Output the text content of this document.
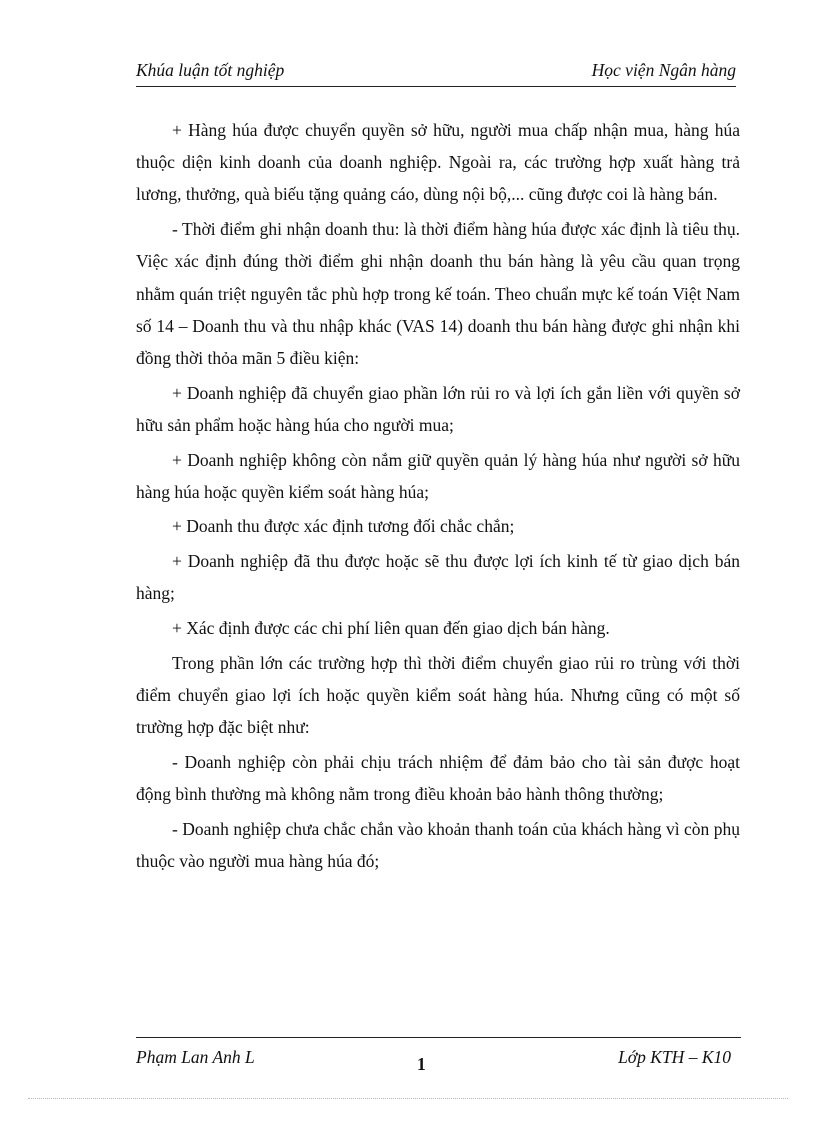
Khúa luận tốt nghiệp	Học viện Ngân hàng

+ Hàng húa được chuyển quyền sở hữu, người mua chấp nhận mua, hàng húa thuộc diện kinh doanh của doanh nghiệp. Ngoài ra, các trường hợp xuất hàng trả lương, thưởng, quà biếu tặng quảng cáo, dùng nội bộ,... cũng được coi là hàng bán.

- Thời điểm ghi nhận doanh thu: là thời điểm hàng húa được xác định là tiêu thụ. Việc xác định đúng thời điểm ghi nhận doanh thu bán hàng là yêu cầu quan trọng nhằm quán triệt nguyên tắc phù hợp trong kế toán. Theo chuẩn mực kế toán Việt Nam số 14 – Doanh thu và thu nhập khác (VAS 14) doanh thu bán hàng được ghi nhận khi đồng thời thỏa mãn 5 điều kiện:

+ Doanh nghiệp đã chuyển giao phần lớn rủi ro và lợi ích gắn liền với quyền sở hữu sản phẩm hoặc hàng húa cho người mua;

+ Doanh nghiệp không còn nắm giữ quyền quản lý hàng húa như người sở hữu hàng húa hoặc quyền kiểm soát hàng húa;

+ Doanh thu được xác định tương đối chắc chắn;

+ Doanh nghiệp đã thu được hoặc sẽ thu được lợi ích kinh tế từ giao dịch bán hàng;

+ Xác định được các chi phí liên quan đến giao dịch bán hàng.

Trong phần lớn các trường hợp thì thời điểm chuyển giao rủi ro trùng với thời điểm chuyển giao lợi ích hoặc quyền kiểm soát hàng húa. Nhưng cũng có một số trường hợp đặc biệt như:

- Doanh nghiệp còn phải chịu trách nhiệm để đảm bảo cho tài sản được hoạt động bình thường mà không nằm trong điều khoản bảo hành thông thường;

- Doanh nghiệp chưa chắc chắn vào khoản thanh toán của khách hàng vì còn phụ thuộc vào người mua hàng húa đó;

Phạm Lan Anh L	1	Lớp KTH – K10
